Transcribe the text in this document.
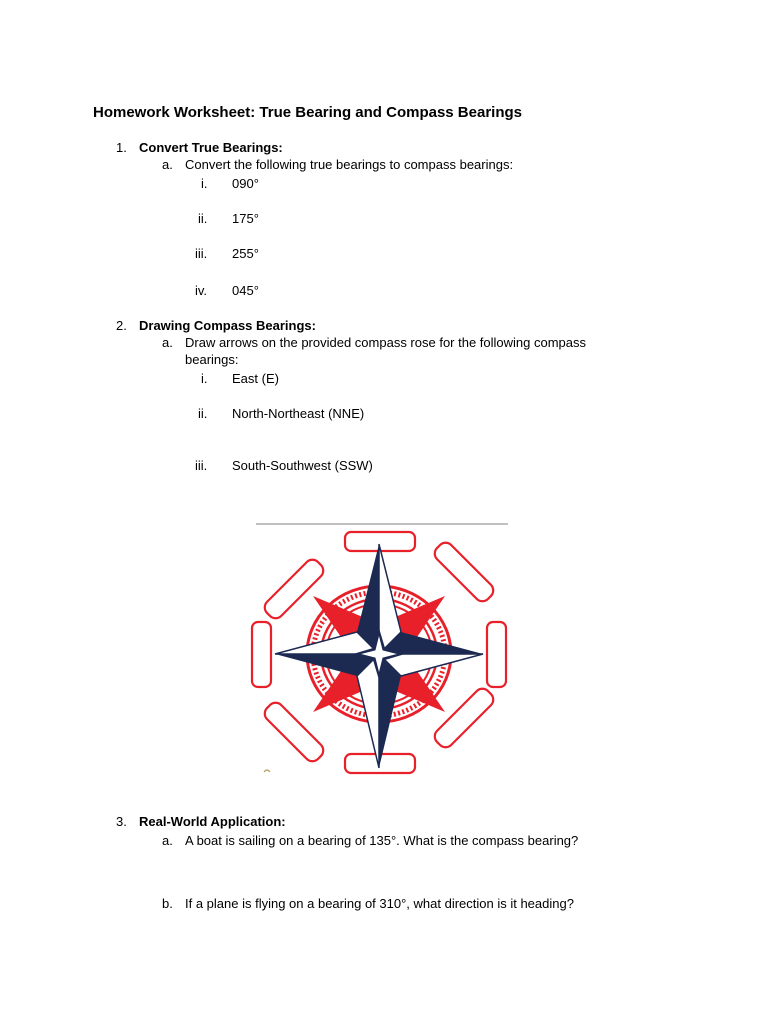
Homework Worksheet: True Bearing and Compass Bearings
1. Convert True Bearings:
a. Convert the following true bearings to compass bearings:
i. 090°
ii. 175°
iii. 255°
iv. 045°
2. Drawing Compass Bearings:
a. Draw arrows on the provided compass rose for the following compass
bearings:
i. East (E)
ii. North-Northeast (NNE)
iii. South-Southwest (SSW)
3. Real-World Application:
a. A boat is sailing on a bearing of 135°. What is the compass bearing?
b. If a plane is flying on a bearing of 310°, what direction is it heading?
